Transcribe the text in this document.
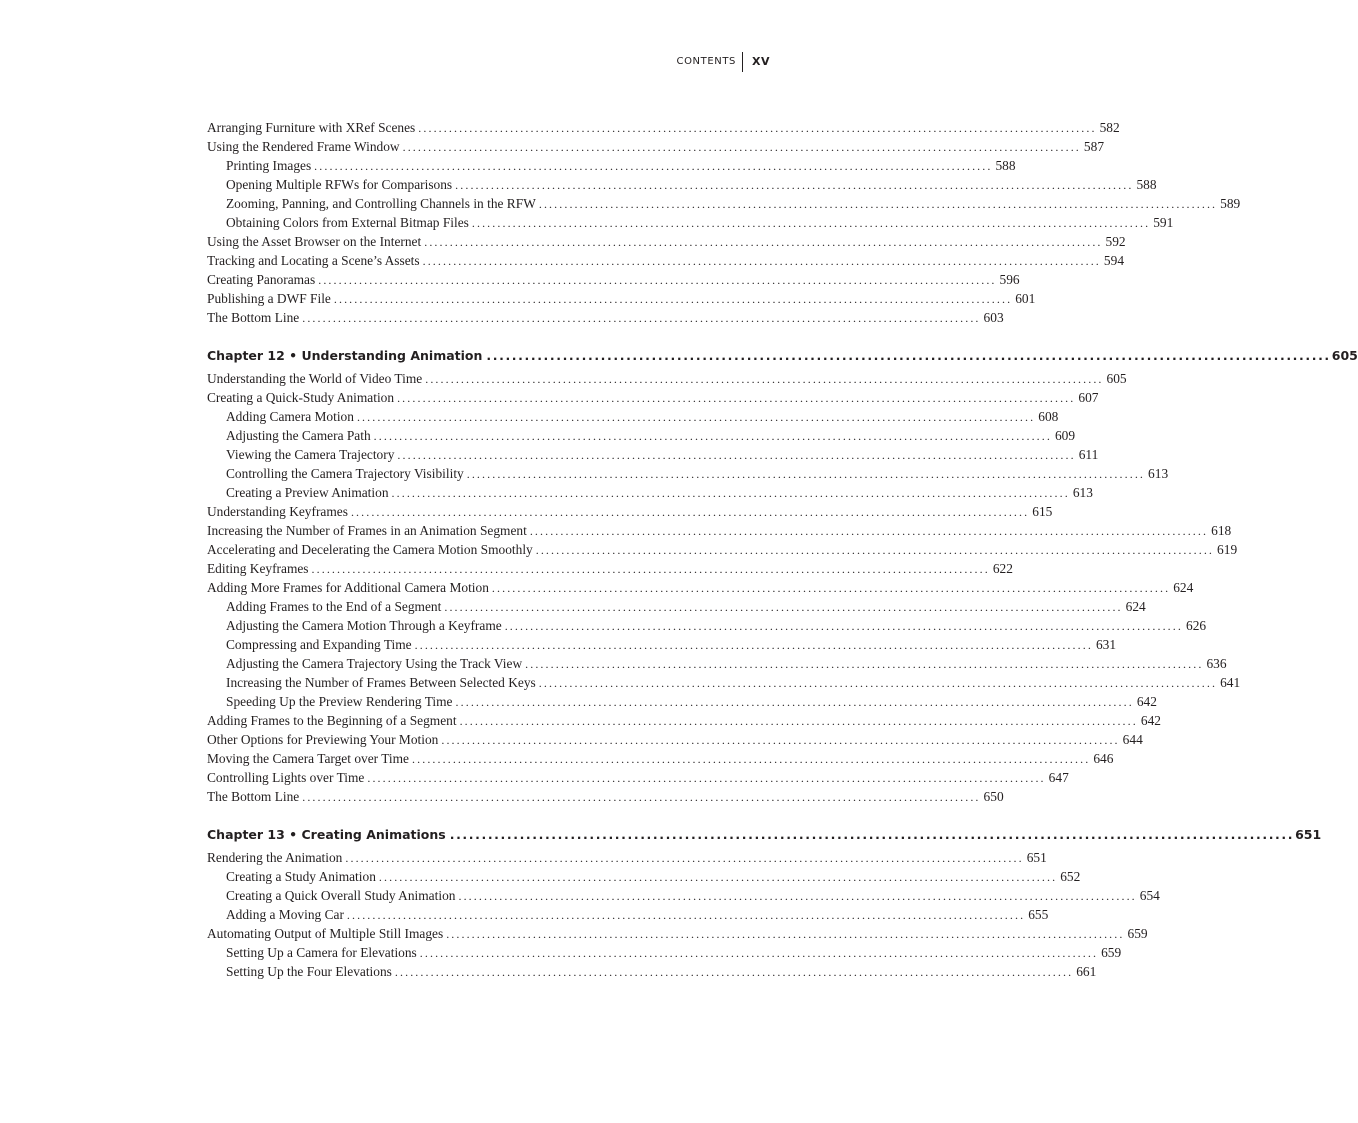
CONTENTS	XV
Arranging Furniture with XRef Scenes ..................................................................................................................................... 582
Using the Rendered Frame Window ..................................................................................................................................... 587
Printing Images ..................................................................................................................................... 588
Opening Multiple RFWs for Comparisons ..................................................................................................................................... 588
Zooming, Panning, and Controlling Channels in the RFW ..................................................................................................................................... 589
Obtaining Colors from External Bitmap Files ..................................................................................................................................... 591
Using the Asset Browser on the Internet ..................................................................................................................................... 592
Tracking and Locating a Scene’s Assets ..................................................................................................................................... 594
Creating Panoramas ..................................................................................................................................... 596
Publishing a DWF File ..................................................................................................................................... 601
The Bottom Line ..................................................................................................................................... 603
Chapter 12 • Understanding Animation ..................................................................................................................................... 605
Understanding the World of Video Time ..................................................................................................................................... 605
Creating a Quick-Study Animation ..................................................................................................................................... 607
Adding Camera Motion ..................................................................................................................................... 608
Adjusting the Camera Path ..................................................................................................................................... 609
Viewing the Camera Trajectory ..................................................................................................................................... 611
Controlling the Camera Trajectory Visibility ..................................................................................................................................... 613
Creating a Preview Animation ..................................................................................................................................... 613
Understanding Keyframes ..................................................................................................................................... 615
Increasing the Number of Frames in an Animation Segment ..................................................................................................................................... 618
Accelerating and Decelerating the Camera Motion Smoothly ..................................................................................................................................... 619
Editing Keyframes ..................................................................................................................................... 622
Adding More Frames for Additional Camera Motion ..................................................................................................................................... 624
Adding Frames to the End of a Segment ..................................................................................................................................... 624
Adjusting the Camera Motion Through a Keyframe ..................................................................................................................................... 626
Compressing and Expanding Time ..................................................................................................................................... 631
Adjusting the Camera Trajectory Using the Track View ..................................................................................................................................... 636
Increasing the Number of Frames Between Selected Keys ..................................................................................................................................... 641
Speeding Up the Preview Rendering Time ..................................................................................................................................... 642
Adding Frames to the Beginning of a Segment ..................................................................................................................................... 642
Other Options for Previewing Your Motion ..................................................................................................................................... 644
Moving the Camera Target over Time ..................................................................................................................................... 646
Controlling Lights over Time ..................................................................................................................................... 647
The Bottom Line ..................................................................................................................................... 650
Chapter 13 • Creating Animations ..................................................................................................................................... 651
Rendering the Animation ..................................................................................................................................... 651
Creating a Study Animation ..................................................................................................................................... 652
Creating a Quick Overall Study Animation ..................................................................................................................................... 654
Adding a Moving Car ..................................................................................................................................... 655
Automating Output of Multiple Still Images ..................................................................................................................................... 659
Setting Up a Camera for Elevations ..................................................................................................................................... 659
Setting Up the Four Elevations ..................................................................................................................................... 661
